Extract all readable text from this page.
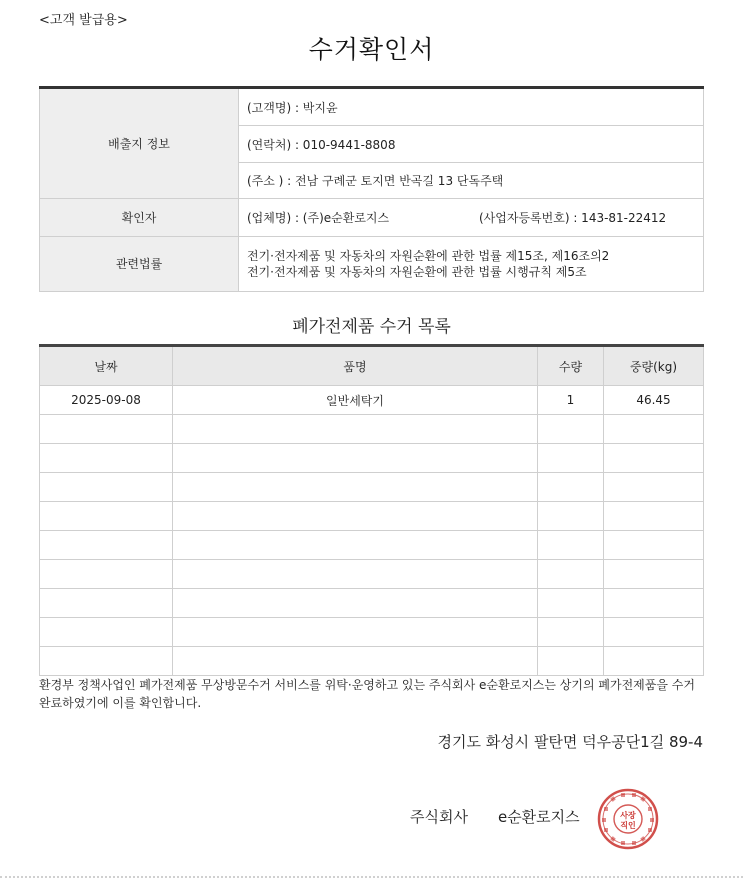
<고객 발급용>
수거확인서
배출지 정보	(고객명) : 박지윤
	(연락처) : 010-9441-8808
	(주소 ) : 전남 구례군 토지면 반곡길 13 단독주택
확인자	(업체명) : (주)e순환로지스 (사업자등록번호) : 143-81-22412

관련법률	전기·전자제품 및 자동차의 자원순환에 관한 법률 제15조, 제16조의2
전기·전자제품 및 자동차의 자원순환에 관한 법률 시행규칙 제5조
폐가전제품 수거 목록
날짜	품명	수량	중량(kg)
2025-09-08	일반세탁기	1	46.45

환경부 정책사업인 폐가전제품 무상방문수거 서비스를 위탁·운영하고 있는 주식회사 e순환로지스는 상기의 폐가전제품을 수거 완료하였기에 이를 확인합니다.
경기도 화성시 팔탄면 덕우공단1길 89-4
주식회사 e순환로지스	사장 직인
